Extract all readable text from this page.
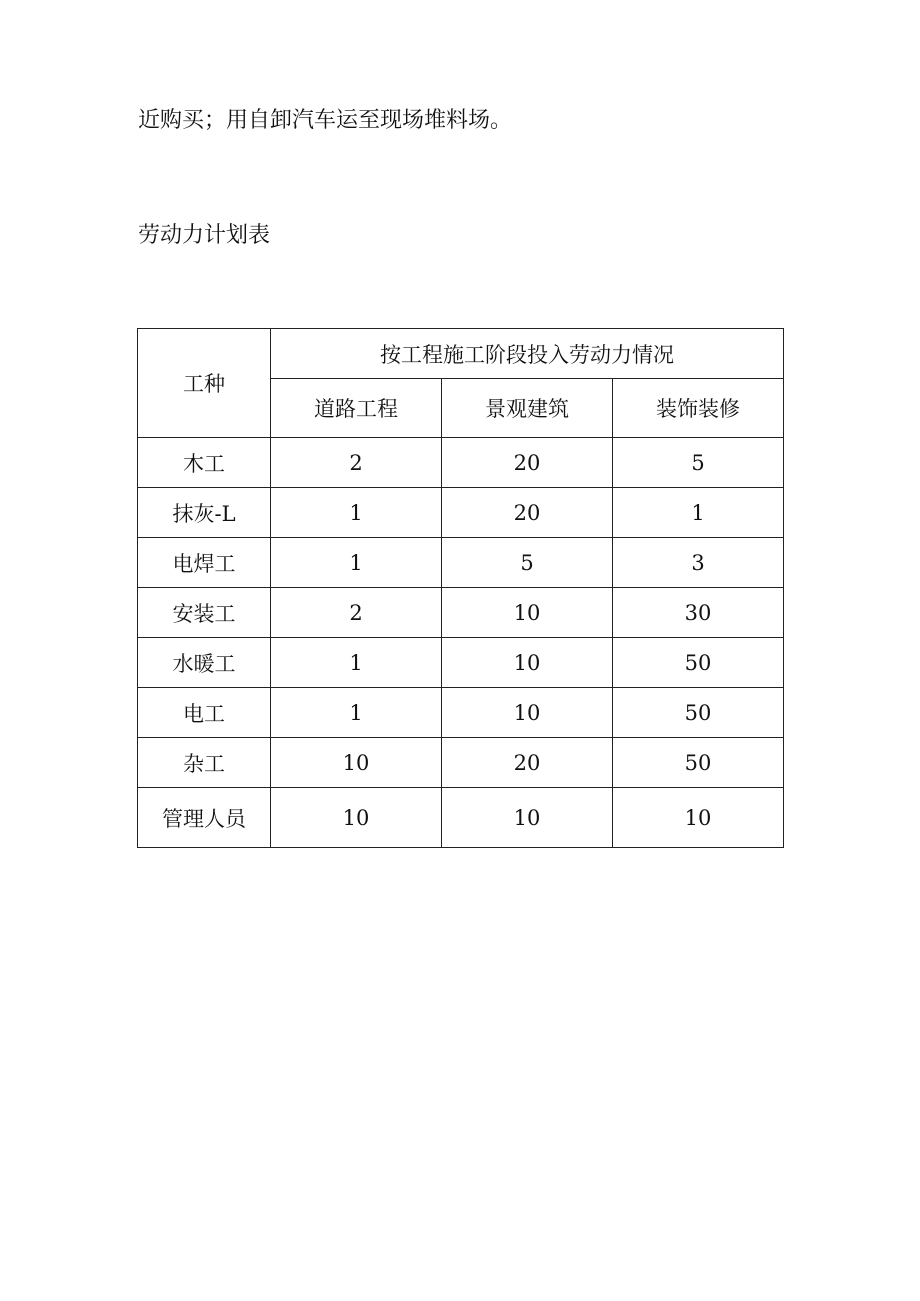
近购买；用自卸汽车运至现场堆料场。
劳动力计划表
工种	按工程施工阶段投入劳动力情况		
	道路工程	景观建筑	装饰装修
木工	2	20	5
抹灰-L	1	20	1
电焊工	1	5	3
安装工	2	10	30
水暖工	1	10	50
电工	1	10	50
杂工	10	20	50
管理人员	10	10	10
